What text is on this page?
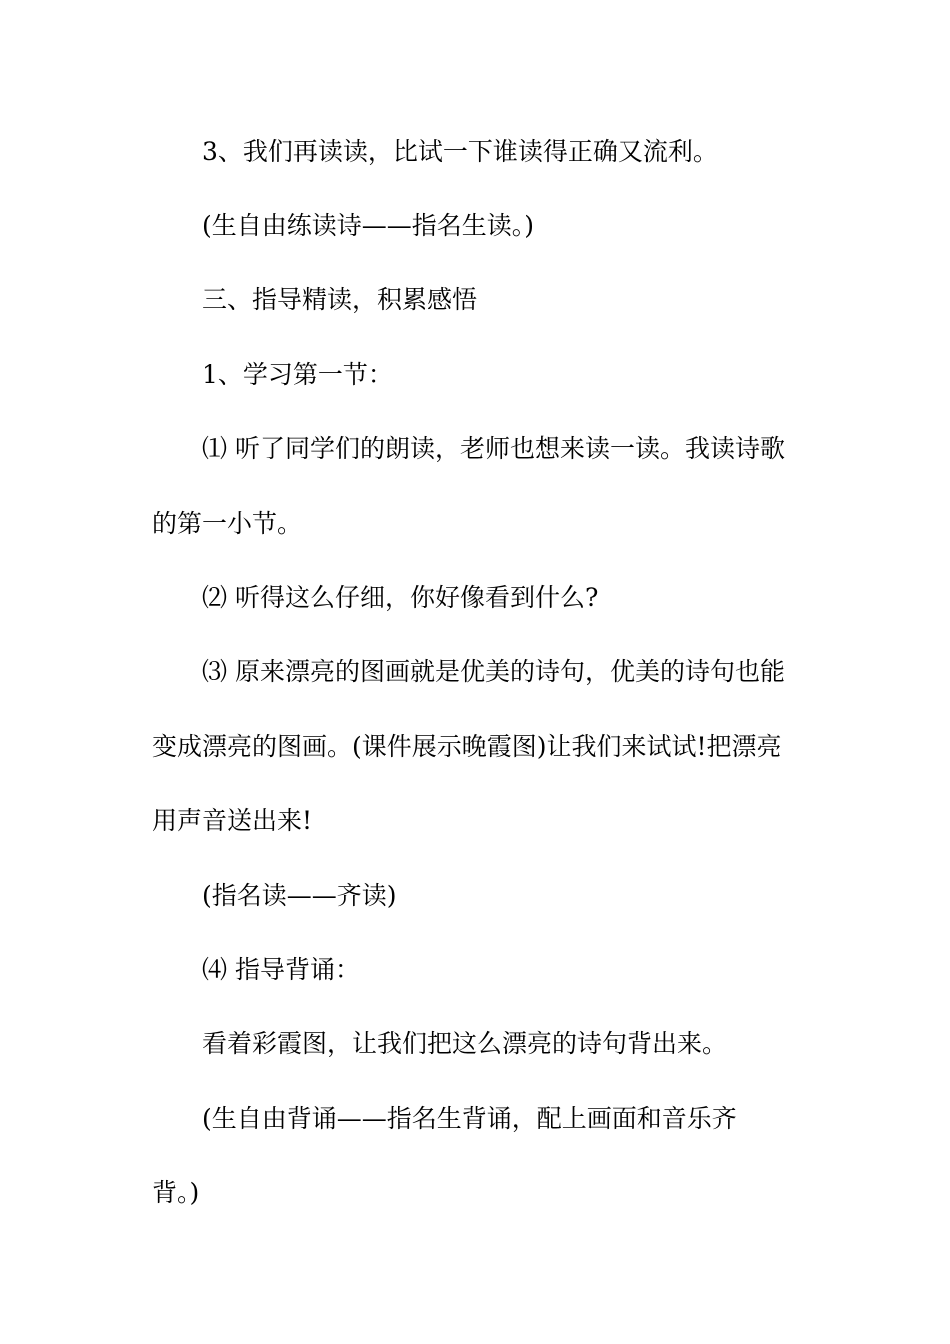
3、我们再读读，比试一下谁读得正确又流利。
(生自由练读诗——指名生读。)
三、指导精读，积累感悟
1、学习第一节：
⑴ 听了同学们的朗读，老师也想来读一读。我读诗歌
的第一小节。
⑵ 听得这么仔细，你好像看到什么?
⑶ 原来漂亮的图画就是优美的诗句，优美的诗句也能
变成漂亮的图画。(课件展示晚霞图)让我们来试试!把漂亮
用声音送出来!
(指名读——齐读)
⑷ 指导背诵：
看着彩霞图，让我们把这么漂亮的诗句背出来。
(生自由背诵——指名生背诵，配上画面和音乐齐
背。)
